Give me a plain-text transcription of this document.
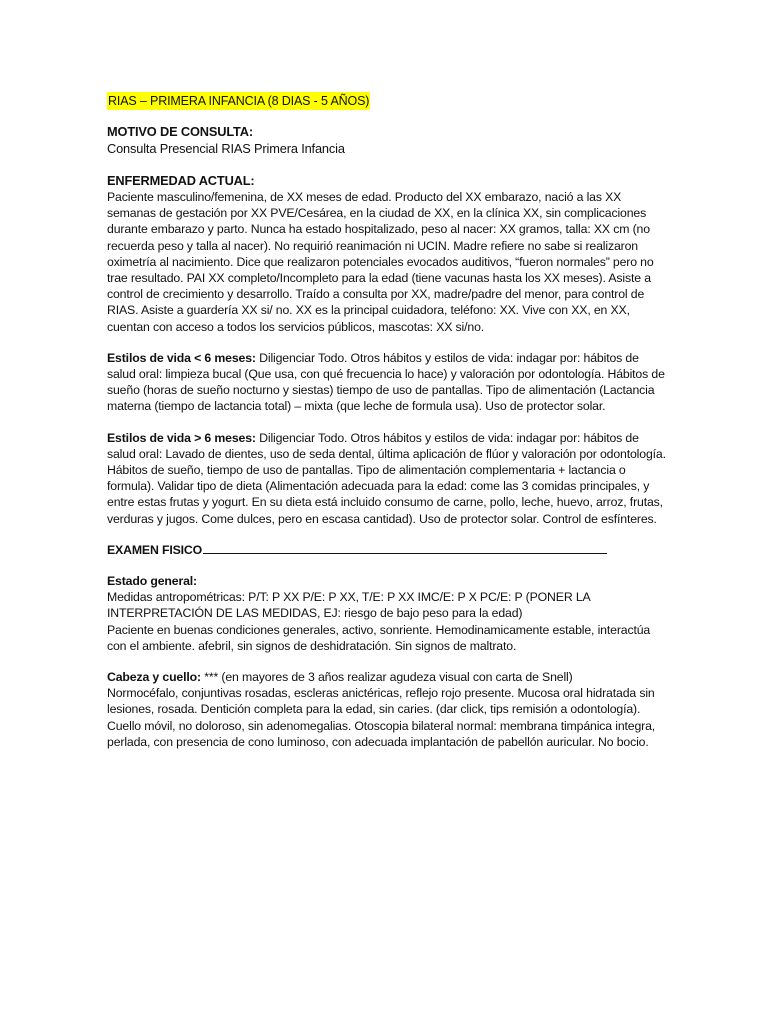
RIAS – PRIMERA INFANCIA (8 DIAS - 5 AÑOS)

MOTIVO DE CONSULTA:

Consulta Presencial RIAS Primera Infancia

ENFERMEDAD ACTUAL:

Paciente masculino/femenina, de XX meses de edad. Producto del XX embarazo, nació a las XX semanas de gestación por XX PVE/Cesárea, en la ciudad de XX, en la clínica XX, sin complicaciones durante embarazo y parto. Nunca ha estado hospitalizado, peso al nacer: XX gramos, talla: XX cm (no recuerda peso y talla al nacer). No requirió reanimación ni UCIN. Madre refiere no sabe si realizaron oximetría al nacimiento. Dice que realizaron potenciales evocados auditivos, “fueron normales” pero no trae resultado. PAI XX completo/Incompleto para la edad (tiene vacunas hasta los XX meses). Asiste a control de crecimiento y desarrollo. Traído a consulta por XX, madre/padre del menor, para control de RIAS. Asiste a guardería XX si/ no. XX es la principal cuidadora, teléfono: XX. Vive con XX, en XX, cuentan con acceso a todos los servicios públicos, mascotas: XX si/no.

Estilos de vida < 6 meses: Diligenciar Todo. Otros hábitos y estilos de vida: indagar por: hábitos de salud oral: limpieza bucal (Que usa, con qué frecuencia lo hace) y valoración por odontología. Hábitos de sueño (horas de sueño nocturno y siestas) tiempo de uso de pantallas. Tipo de alimentación (Lactancia materna (tiempo de lactancia total) – mixta (que leche de formula usa). Uso de protector solar.

Estilos de vida > 6 meses: Diligenciar Todo. Otros hábitos y estilos de vida: indagar por: hábitos de salud oral: Lavado de dientes, uso de seda dental, última aplicación de flúor y valoración por odontología. Hábitos de sueño, tiempo de uso de pantallas. Tipo de alimentación complementaria + lactancia o formula). Validar tipo de dieta (Alimentación adecuada para la edad: come las 3 comidas principales, y entre estas frutas y yogurt. En su dieta está incluido consumo de carne, pollo, leche, huevo, arroz, frutas, verduras y jugos. Come dulces, pero en escasa cantidad). Uso de protector solar. Control de esfínteres.

EXAMEN FISICO

Estado general:

Medidas antropométricas: P/T: P XX P/E: P XX, T/E: P XX IMC/E: P X PC/E: P (PONER LA INTERPRETACIÓN DE LAS MEDIDAS, EJ: riesgo de bajo peso para la edad)

Paciente en buenas condiciones generales, activo, sonriente. Hemodinamicamente estable, interactúa con el ambiente. afebril, sin signos de deshidratación. Sin signos de maltrato.

Cabeza y cuello: *** (en mayores de 3 años realizar agudeza visual con carta de Snell)

Normocéfalo, conjuntivas rosadas, escleras anictéricas, reflejo rojo presente. Mucosa oral hidratada sin lesiones, rosada. Dentición completa para la edad, sin caries. (dar click, tips remisión a odontología). Cuello móvil, no doloroso, sin adenomegalias. Otoscopia bilateral normal: membrana timpánica integra, perlada, con presencia de cono luminoso, con adecuada implantación de pabellón auricular. No bocio.
